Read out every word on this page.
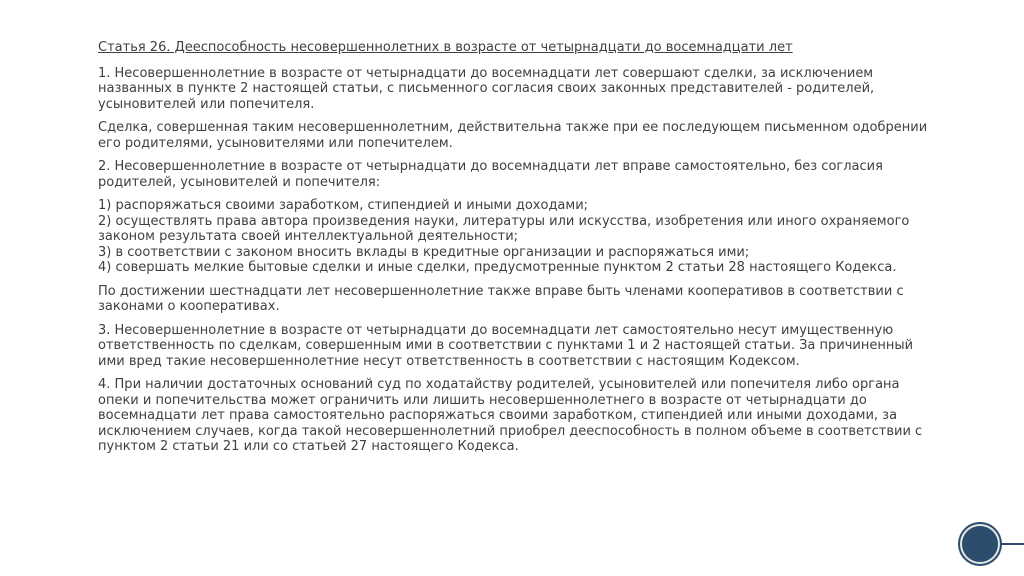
Статья 26. Дееспособность несовершеннолетних в возрасте от четырнадцати до восемнадцати лет
1. Несовершеннолетние в возрасте от четырнадцати до восемнадцати лет совершают сделки, за исключением названных в пункте 2 настоящей статьи, с письменного согласия своих законных представителей - родителей, усыновителей или попечителя.
Сделка, совершенная таким несовершеннолетним, действительна также при ее последующем письменном одобрении его родителями, усыновителями или попечителем.
2. Несовершеннолетние в возрасте от четырнадцати до восемнадцати лет вправе самостоятельно, без согласия родителей, усыновителей и попечителя:
1) распоряжаться своими заработком, стипендией и иными доходами;
2) осуществлять права автора произведения науки, литературы или искусства, изобретения или иного охраняемого законом результата своей интеллектуальной деятельности;
3) в соответствии с законом вносить вклады в кредитные организации и распоряжаться ими;
4) совершать мелкие бытовые сделки и иные сделки, предусмотренные пунктом 2 статьи 28 настоящего Кодекса.
По достижении шестнадцати лет несовершеннолетние также вправе быть членами кооперативов в соответствии с законами о кооперативах.
3. Несовершеннолетние в возрасте от четырнадцати до восемнадцати лет самостоятельно несут имущественную ответственность по сделкам, совершенным ими в соответствии с пунктами 1 и 2 настоящей статьи. За причиненный ими вред такие несовершеннолетние несут ответственность в соответствии с настоящим Кодексом.
4. При наличии достаточных оснований суд по ходатайству родителей, усыновителей или попечителя либо органа опеки и попечительства может ограничить или лишить несовершеннолетнего в возрасте от четырнадцати до восемнадцати лет права самостоятельно распоряжаться своими заработком, стипендией или иными доходами, за исключением случаев, когда такой несовершеннолетний приобрел дееспособность в полном объеме в соответствии с пунктом 2 статьи 21 или со статьей 27 настоящего Кодекса.
